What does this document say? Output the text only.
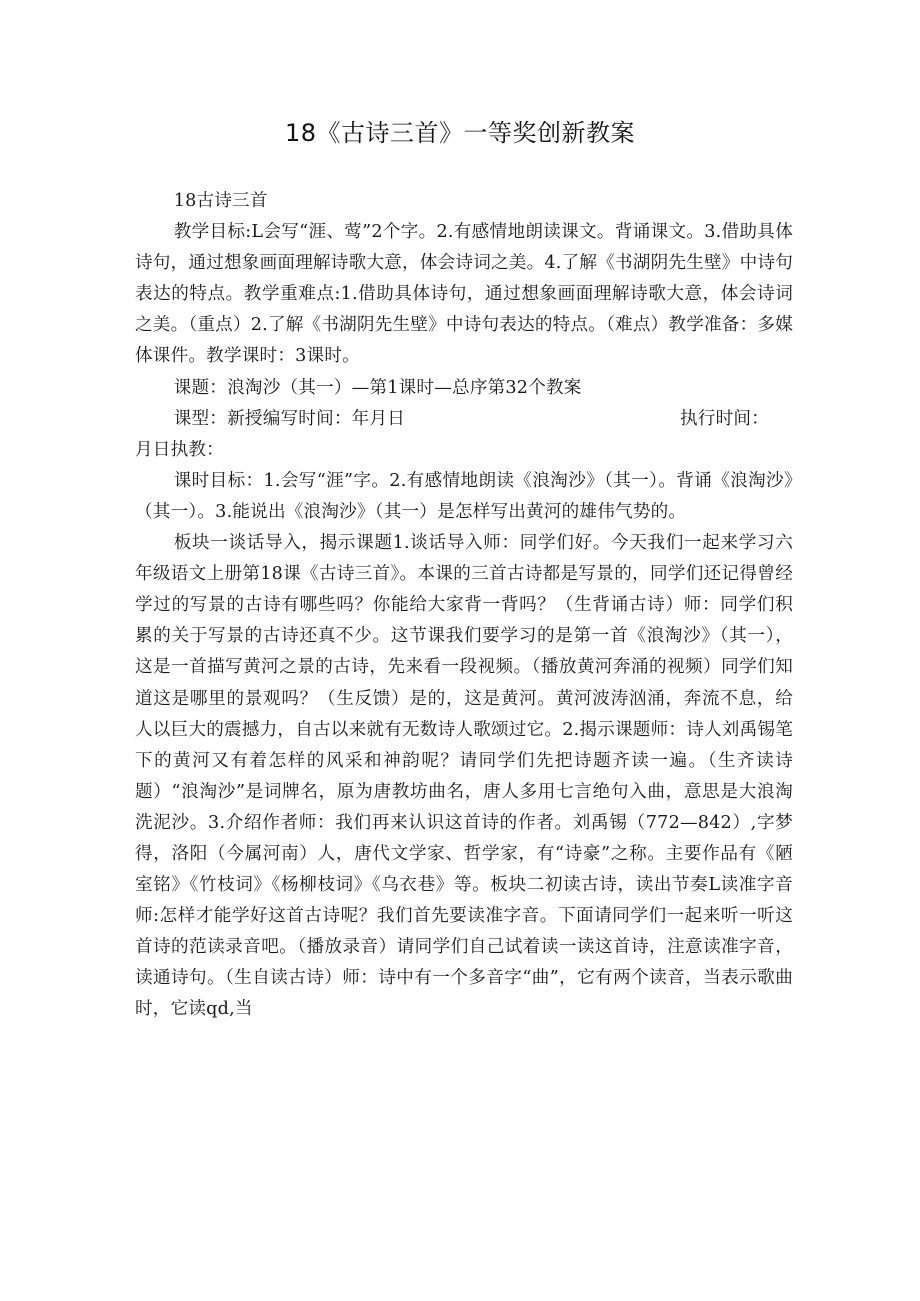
18《古诗三首》一等奖创新教案

18古诗三首

教学目标:L会写“涯、莺”2个字。2.有感情地朗读课文。背诵课文。3.借助具体诗句，通过想象画面理解诗歌大意，体会诗词之美。4.了解《书湖阴先生壁》中诗句表达的特点。教学重难点:1.借助具体诗句，通过想象画面理解诗歌大意，体会诗词之美。（重点）2.了解《书湖阴先生壁》中诗句表达的特点。（难点）教学准备：多媒体课件。教学课时：3课时。

课题：浪淘沙（其一）—第1课时—总序第32个教案

课型：新授编写时间：年月日	执行时间：
月日执教：

课时目标：1.会写“涯”字。2.有感情地朗读《浪淘沙》（其一）。背诵《浪淘沙》（其一）。3.能说出《浪淘沙》（其一）是怎样写出黄河的雄伟气势的。

板块一谈话导入，揭示课题1.谈话导入师：同学们好。今天我们一起来学习六年级语文上册第18课《古诗三首》。本课的三首古诗都是写景的，同学们还记得曾经学过的写景的古诗有哪些吗？你能给大家背一背吗？（生背诵古诗）师：同学们积累的关于写景的古诗还真不少。这节课我们要学习的是第一首《浪淘沙》（其一），这是一首描写黄河之景的古诗，先来看一段视频。（播放黄河奔涌的视频）同学们知道这是哪里的景观吗？（生反馈）是的，这是黄河。黄河波涛汹涌，奔流不息，给人以巨大的震撼力，自古以来就有无数诗人歌颂过它。2.揭示课题师：诗人刘禹锡笔下的黄河又有着怎样的风采和神韵呢？请同学们先把诗题齐读一遍。（生齐读诗题）“浪淘沙”是词牌名，原为唐教坊曲名，唐人多用七言绝句入曲，意思是大浪淘洗泥沙。3.介绍作者师：我们再来认识这首诗的作者。刘禹锡（772—842）,字梦得，洛阳（今属河南）人，唐代文学家、哲学家，有“诗豪”之称。主要作品有《陋室铭》《竹枝词》《杨柳枝词》《乌衣巷》等。板块二初读古诗，读出节奏L读准字音师:怎样才能学好这首古诗呢？我们首先要读准字音。下面请同学们一起来听一听这首诗的范读录音吧。（播放录音）请同学们自己试着读一读这首诗，注意读准字音，读通诗句。（生自读古诗）师：诗中有一个多音字“曲”，它有两个读音，当表示歌曲时，它读qd,当
